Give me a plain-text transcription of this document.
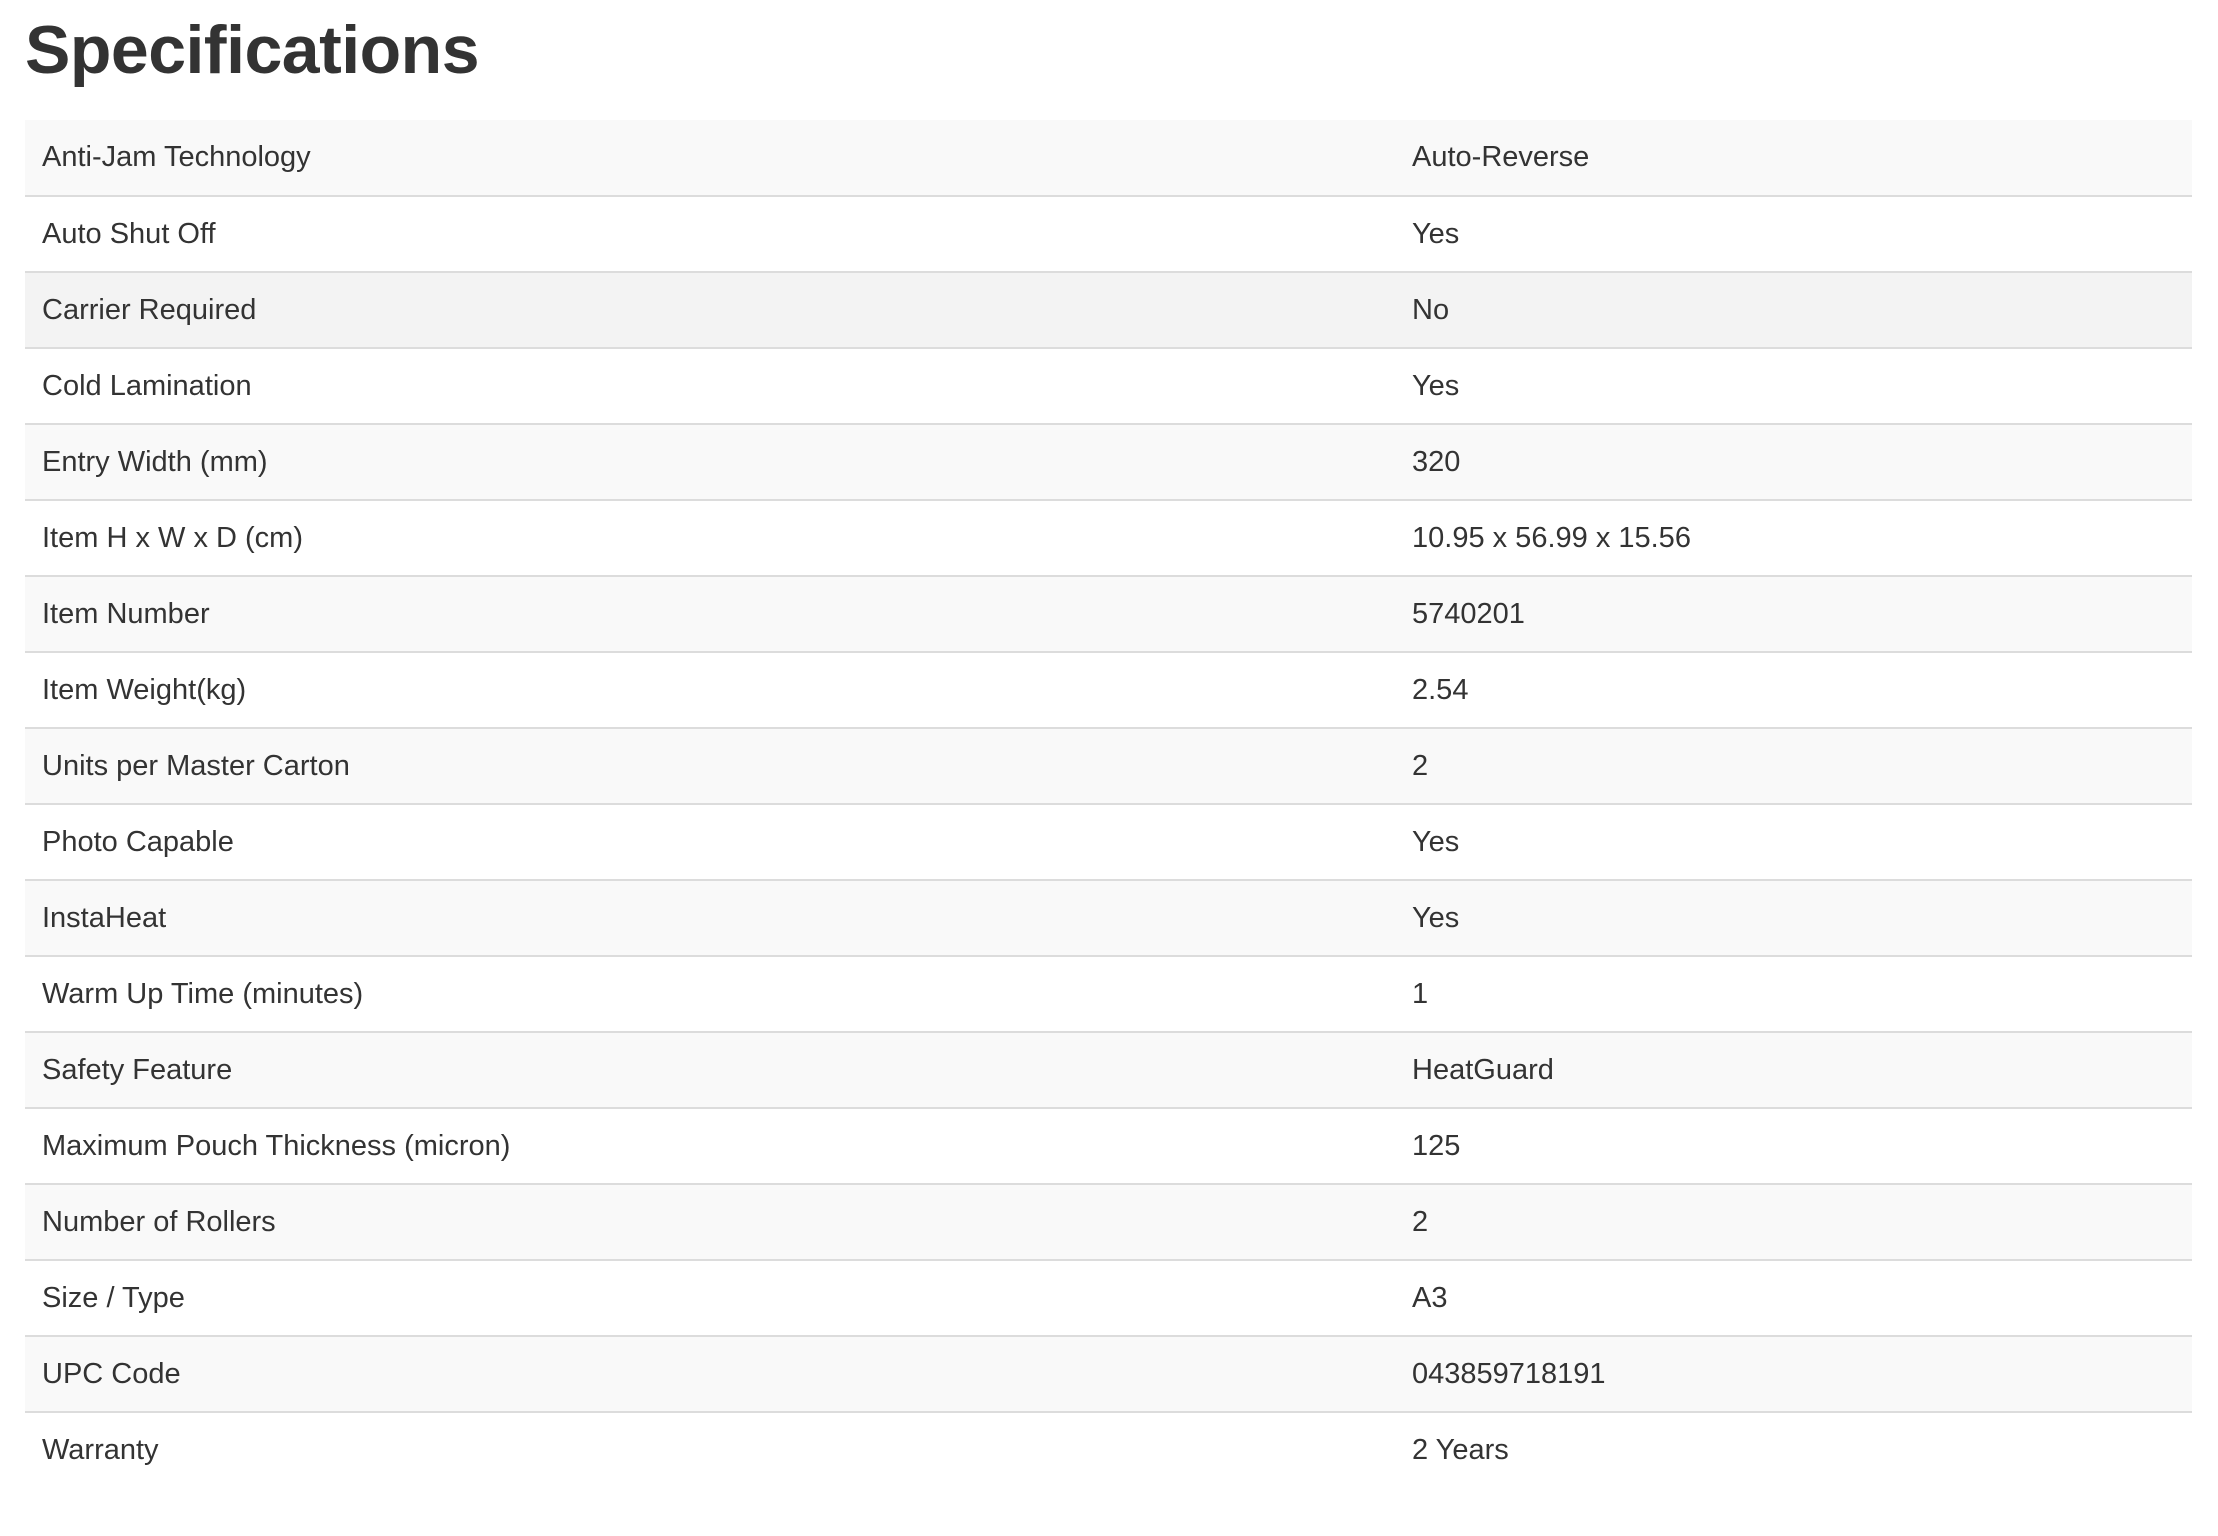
Specifications
Anti-Jam Technology	Auto-Reverse
Auto Shut Off	Yes
Carrier Required	No
Cold Lamination	Yes
Entry Width (mm)	320
Item H x W x D (cm)	10.95 x 56.99 x 15.56
Item Number	5740201
Item Weight(kg)	2.54
Units per Master Carton	2
Photo Capable	Yes
InstaHeat	Yes
Warm Up Time (minutes)	1
Safety Feature	HeatGuard
Maximum Pouch Thickness (micron)	125
Number of Rollers	2
Size / Type	A3
UPC Code	043859718191
Warranty	2 Years
